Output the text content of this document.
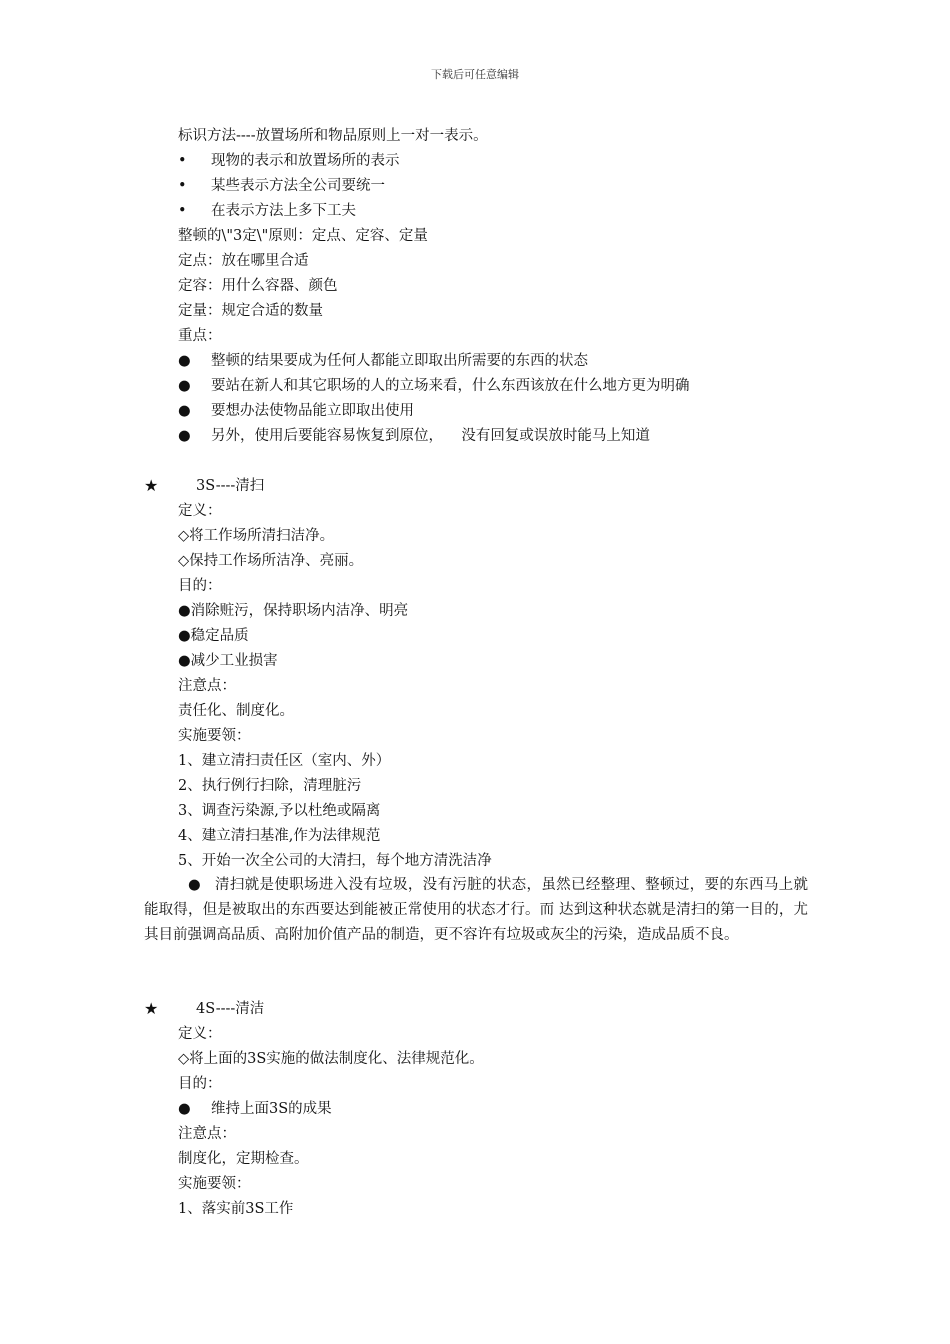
下载后可任意编辑
标识方法----放置场所和物品原则上一对一表示。
• 现物的表示和放置场所的表示
• 某些表示方法全公司要统一
• 在表示方法上多下工夫
整顿的\"3定\"原则：定点、定容、定量
定点：放在哪里合适
定容：用什么容器、颜色
定量：规定合适的数量
重点：
● 整顿的结果要成为任何人都能立即取出所需要的东西的状态
● 要站在新人和其它职场的人的立场来看，什么东西该放在什么地方更为明确
● 要想办法使物品能立即取出使用
● 另外，使用后要能容易恢复到原位，    没有回复或误放时能马上知道
★	3S----清扫
定义：
◇将工作场所清扫洁净。
◇保持工作场所洁净、亮丽。
目的：
●消除赃污，保持职场内洁净、明亮
●稳定品质
●减少工业损害
注意点：
责任化、制度化。
实施要领：
1、建立清扫责任区（室内、外）
2、执行例行扫除，清理脏污
3、调查污染源,予以杜绝或隔离
4、建立清扫基准,作为法律规范
5、开始一次全公司的大清扫，每个地方清洗洁净
● 清扫就是使职场进入没有垃圾，没有污脏的状态，虽然已经整理、整顿过，要的东西马上就能取得，但是被取出的东西要达到能被正常使用的状态才行。而 达到这种状态就是清扫的第一目的，尤其目前强调高品质、高附加价值产品的制造，更不容许有垃圾或灰尘的污染，造成品质不良。
★	4S----清洁
定义：
◇将上面的3S实施的做法制度化、法律规范化。
目的：
● 维持上面3S的成果
注意点：
制度化，定期检查。
实施要领：
1、落实前3S工作
